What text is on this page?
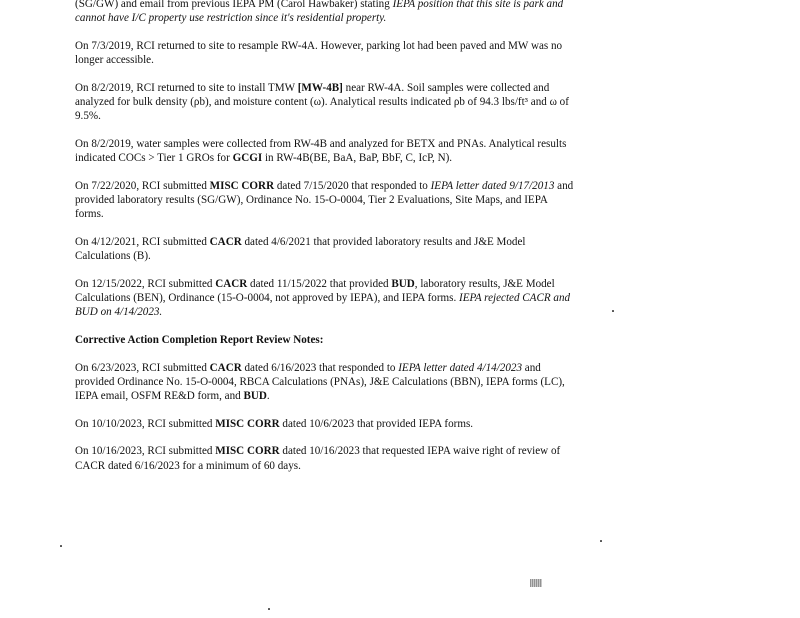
(SG/GW) and email from previous IEPA PM (Carol Hawbaker) stating IEPA position that this site is park and cannot have I/C property use restriction since it's residential property.

On 7/3/2019, RCI returned to site to resample RW-4A. However, parking lot had been paved and MW was no longer accessible.

On 8/2/2019, RCI returned to site to install TMW [MW-4B] near RW-4A. Soil samples were collected and analyzed for bulk density (ρb), and moisture content (ω). Analytical results indicated ρb of 94.3 lbs/ft³ and ω of 9.5%.

On 8/2/2019, water samples were collected from RW-4B and analyzed for BETX and PNAs. Analytical results indicated COCs > Tier 1 GROs for GCGI in RW-4B(BE, BaA, BaP, BbF, C, IcP, N).

On 7/22/2020, RCI submitted MISC CORR dated 7/15/2020 that responded to IEPA letter dated 9/17/2013 and provided laboratory results (SG/GW), Ordinance No. 15-O-0004, Tier 2 Evaluations, Site Maps, and IEPA forms.

On 4/12/2021, RCI submitted CACR dated 4/6/2021 that provided laboratory results and J&E Model Calculations (B).

On 12/15/2022, RCI submitted CACR dated 11/15/2022 that provided BUD, laboratory results, J&E Model Calculations (BEN), Ordinance (15-O-0004, not approved by IEPA), and IEPA forms. IEPA rejected CACR and BUD on 4/14/2023.

Corrective Action Completion Report Review Notes:

On 6/23/2023, RCI submitted CACR dated 6/16/2023 that responded to IEPA letter dated 4/14/2023 and provided Ordinance No. 15-O-0004, RBCA Calculations (PNAs), J&E Calculations (BBN), IEPA forms (LC), IEPA email, OSFM RE&D form, and BUD.

On 10/10/2023, RCI submitted MISC CORR dated 10/6/2023 that provided IEPA forms.

On 10/16/2023, RCI submitted MISC CORR dated 10/16/2023 that requested IEPA waive right of review of CACR dated 6/16/2023 for a minimum of 60 days.
